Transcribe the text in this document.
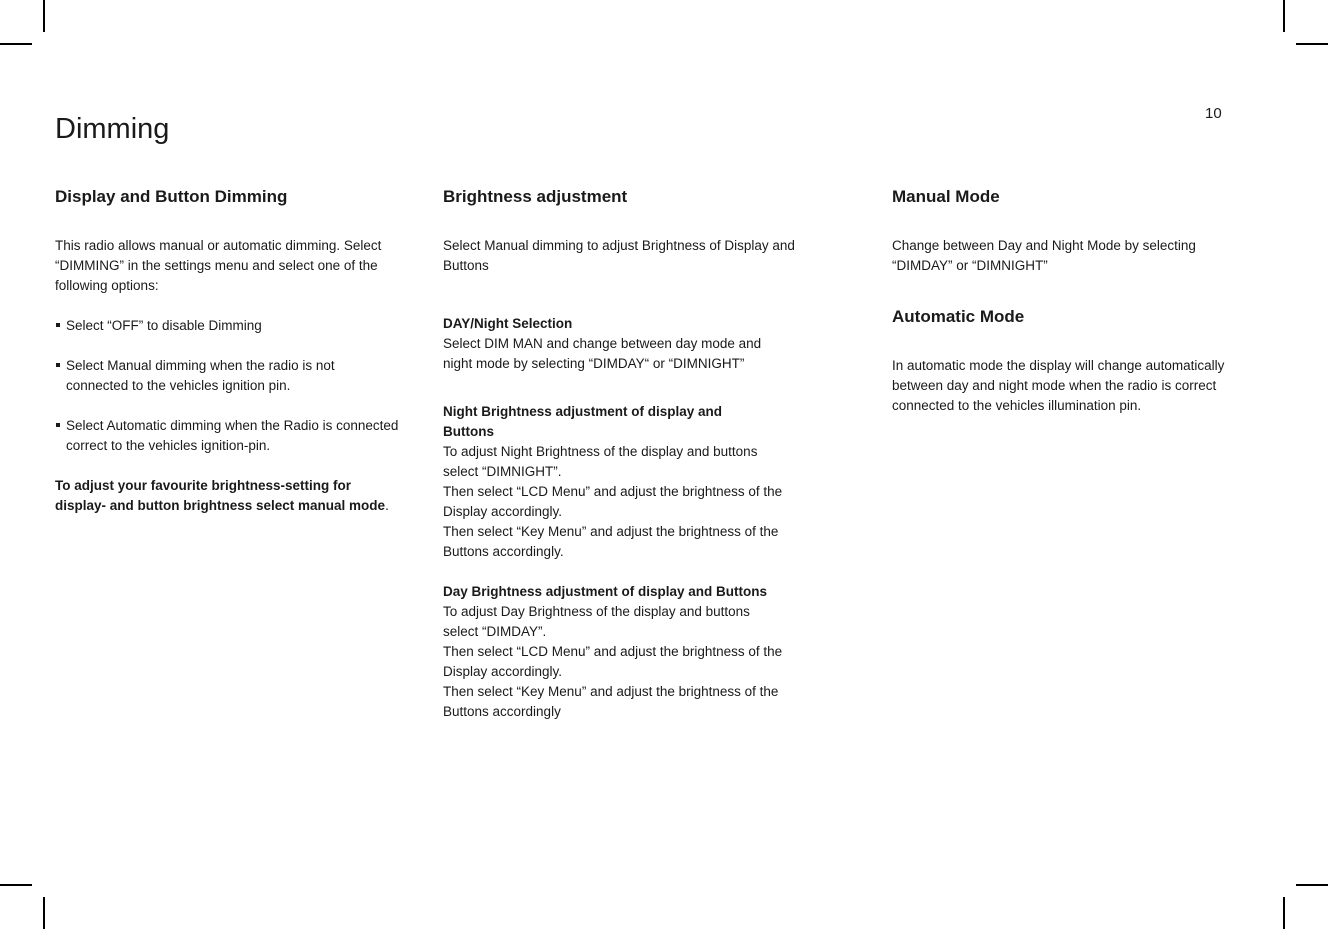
10
Dimming
Display and Button Dimming

This radio allows manual or automatic dimming. Select “DIMMING” in the settings menu and select one of the following options:

Select “OFF” to disable Dimming
Select Manual dimming when the radio is not connected to the vehicles ignition pin.
Select Automatic dimming when the Radio is connected correct to the vehicles ignition-pin.

To adjust your favourite brightness-setting for display- and button brightness select manual mode.

Brightness adjustment

Select Manual dimming to adjust Brightness of Display and Buttons

DAY/Night Selection

Select DIM MAN and change between day mode and night mode by selecting “DIMDAY“ or “DIMNIGHT”

Night Brightness adjustment of display and Buttons

To adjust Night Brightness of the display and buttons select “DIMNIGHT”.

Then select “LCD Menu” and adjust the brightness of the Display accordingly.

Then select “Key Menu” and adjust the brightness of the Buttons accordingly.

Day Brightness adjustment of display and Buttons

To adjust Day Brightness of the display and buttons select “DIMDAY”.

Then select “LCD Menu” and adjust the brightness of the Display accordingly.

Then select “Key Menu” and adjust the brightness of the Buttons accordingly

Manual Mode

Change between Day and Night Mode by selecting “DIMDAY” or “DIMNIGHT”

Automatic Mode

In automatic mode the display will change automatically between day and night mode when the radio is correct connected to the vehicles illumination pin.
